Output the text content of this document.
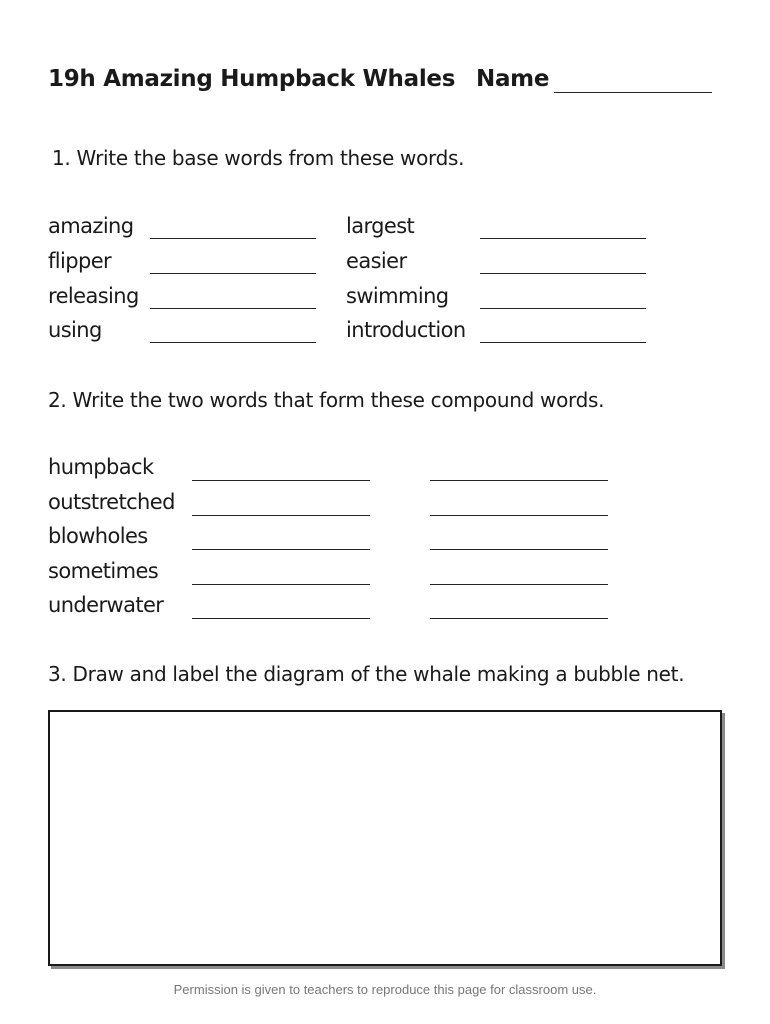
19h Amazing Humpback Whales Name
1. Write the base words from these words.
amazing
flipper
releasing
using
largest
easier
swimming
introduction
2. Write the two words that form these compound words.
humpback
outstretched
blowholes
sometimes
underwater
3. Draw and label the diagram of the whale making a bubble net.
Permission is given to teachers to reproduce this page for classroom use.
